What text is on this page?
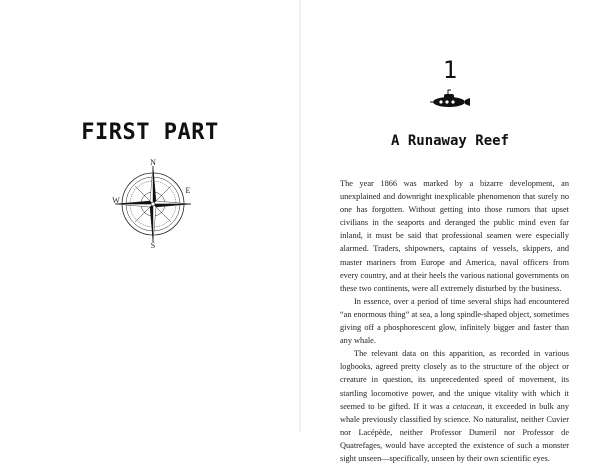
FIRST PART
N
S
E
W
1
A Runaway Reef

The year 1866 was marked by a bizarre development, an unexplained and downright inexplicable phenomenon that surely no one has forgotten. Without getting into those rumors that upset civilians in the seaports and deranged the public mind even far inland, it must be said that professional seamen were especially alarmed. Traders, shipowners, captains of vessels, skippers, and master mariners from Europe and America, naval officers from every country, and at their heels the various national governments on these two continents, were all extremely disturbed by the business.

In essence, over a period of time several ships had encountered “an enormous thing” at sea, a long spindle-shaped object, sometimes giving off a phosphorescent glow, infinitely bigger and faster than any whale.

The relevant data on this apparition, as recorded in various logbooks, agreed pretty closely as to the structure of the object or creature in question, its unprecedented speed of movement, its startling locomotive power, and the unique vitality with which it seemed to be gifted. If it was a cetacean, it exceeded in bulk any whale previously classified by science. No naturalist, neither Cuvier nor Lacépède, neither Professor Dumeril nor Professor de Quatrefages, would have accepted the existence of such a monster sight unseen—specifically, unseen by their own scientific eyes.
